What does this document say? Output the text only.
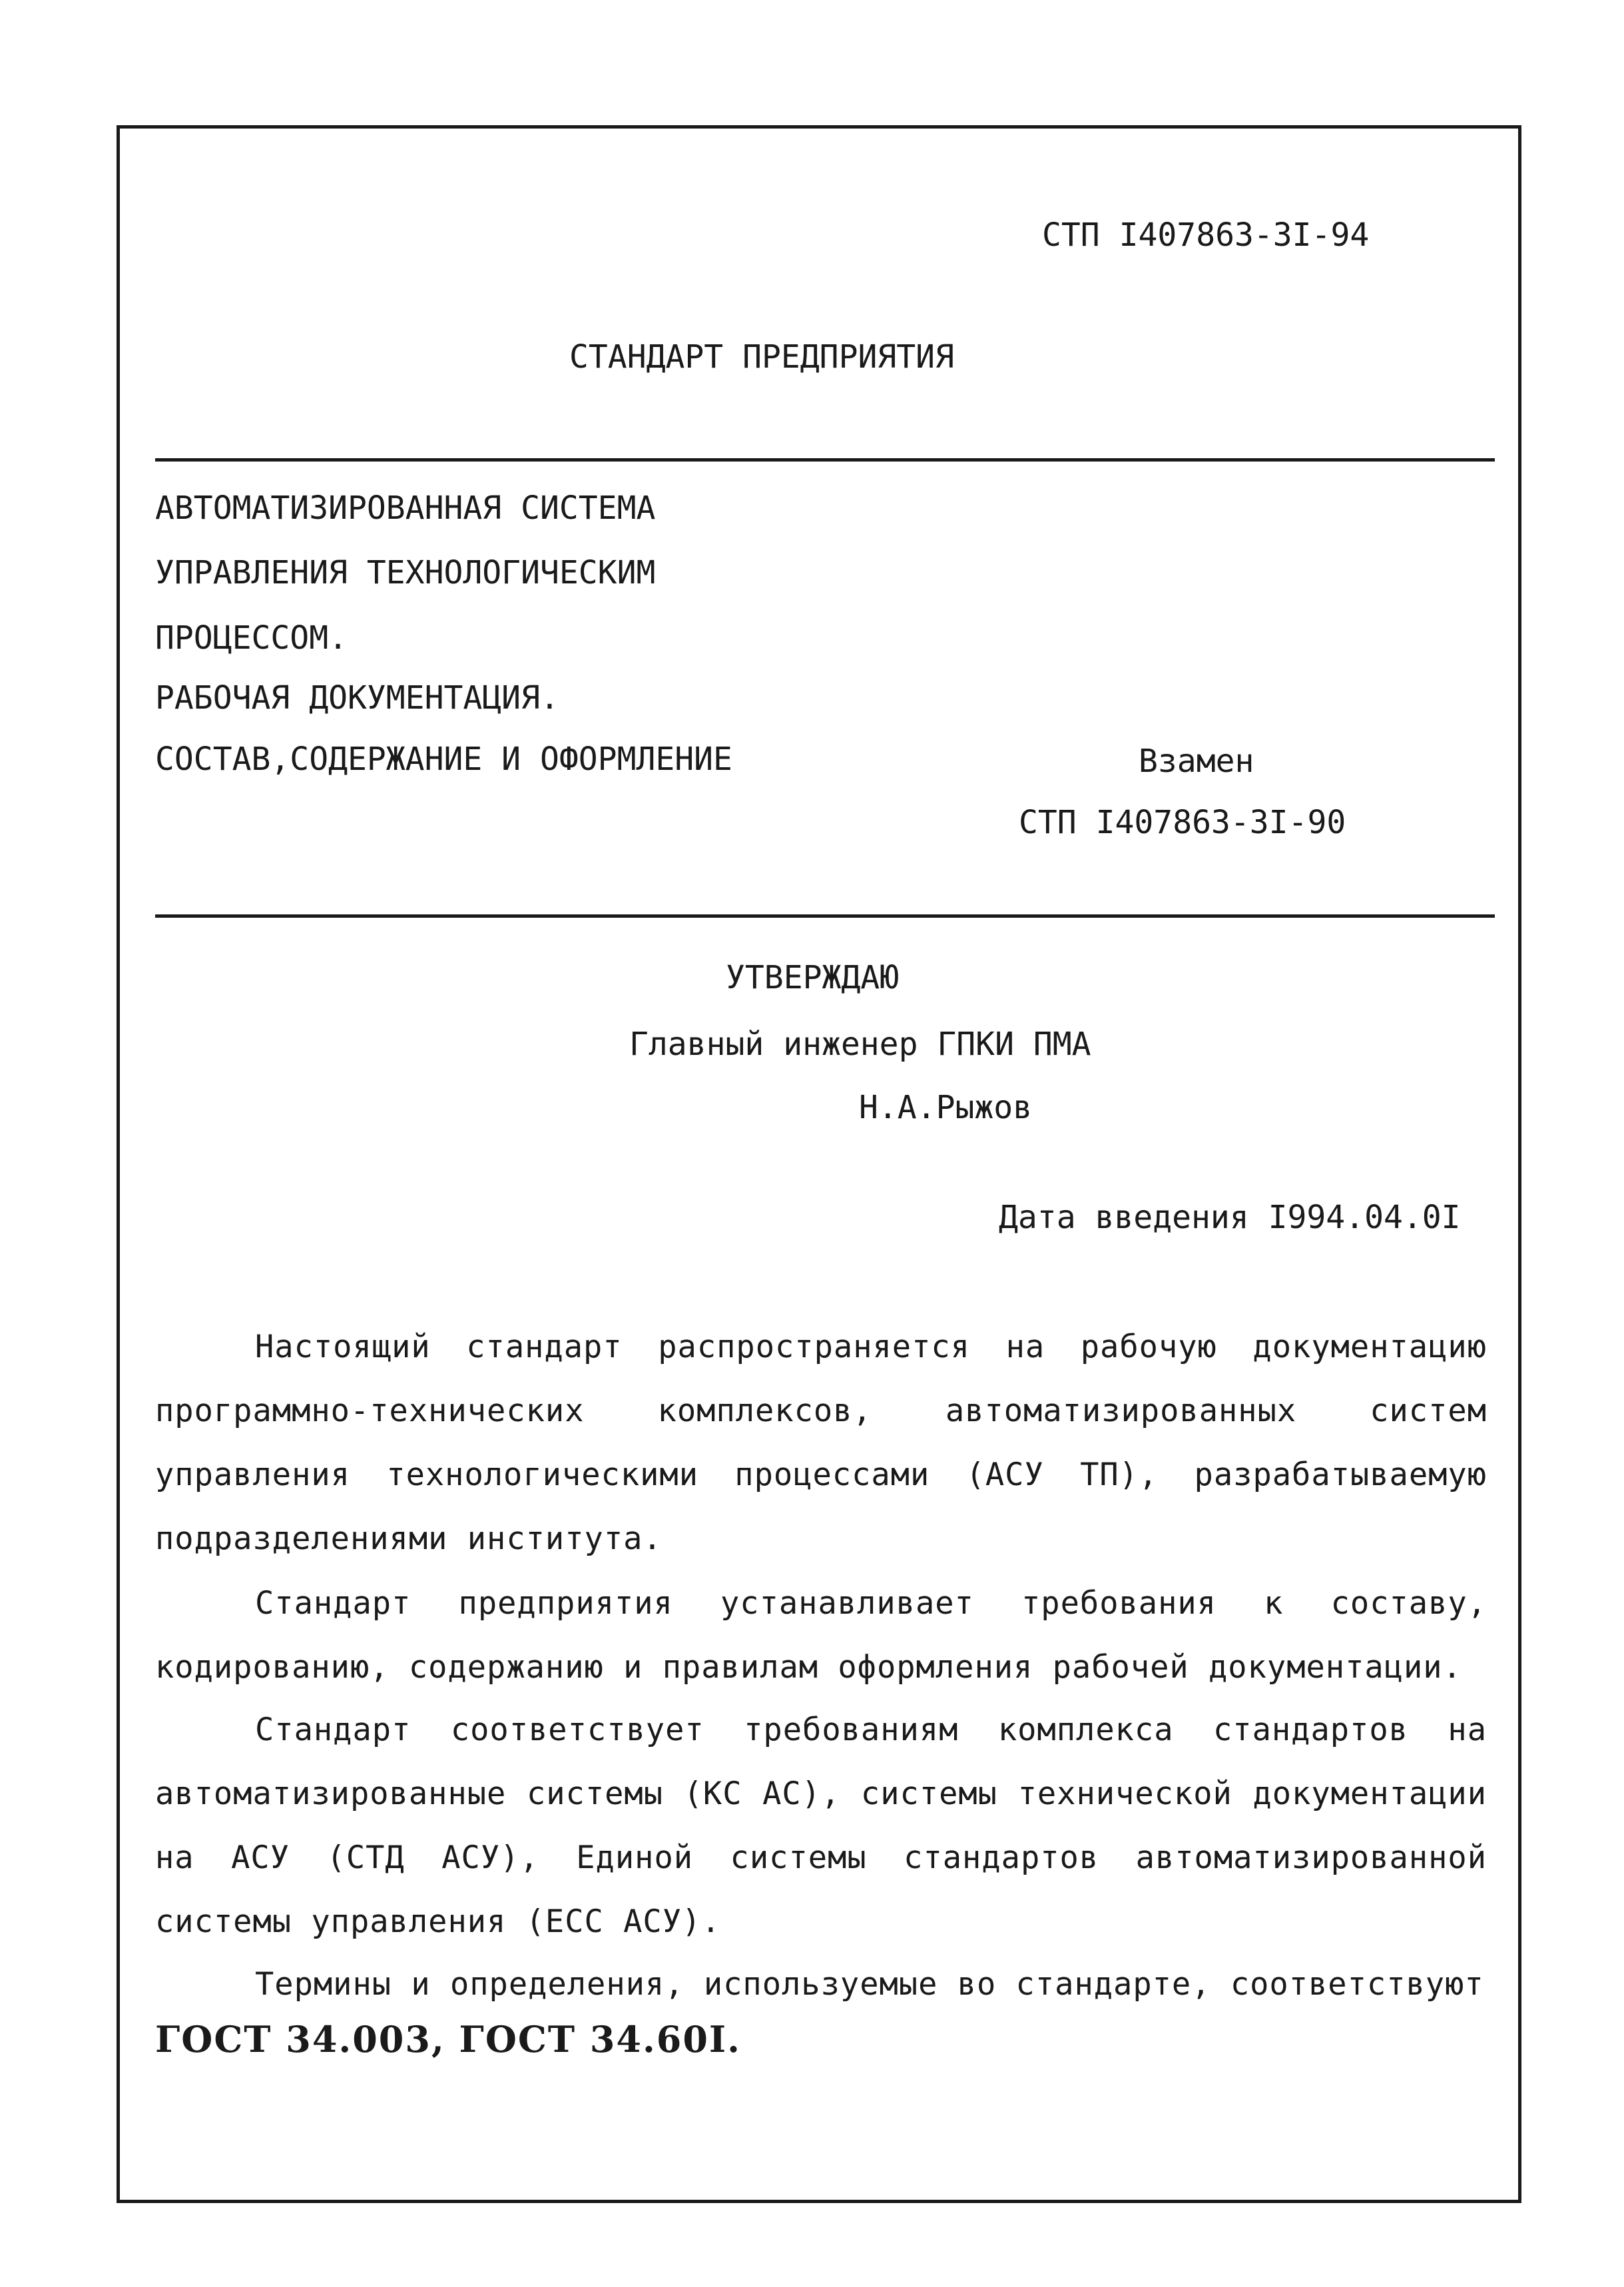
СТП I407863-3I-94
СТАНДАРТ ПРЕДПРИЯТИЯ
АВТОМАТИЗИРОВАННАЯ СИСТЕМА
УПРАВЛЕНИЯ ТЕХНОЛОГИЧЕСКИМ
ПРОЦЕССОМ.
РАБОЧАЯ ДОКУМЕНТАЦИЯ.
СОСТАВ,СОДЕРЖАНИЕ И ОФОРМЛЕНИЕ	Взамен
СТП I407863-3I-90
УТВЕРЖДАЮ
Главный инженер ГПКИ ПМА
Н.А.Рыжов
Дата введения I994.04.0I
Настоящий стандарт распространяется на рабочую документацию программно-технических комплексов, автоматизированных систем управления технологическими процессами (АСУ ТП), разрабатываемую подразделениями института.
Стандарт предприятия устанавливает требования к составу, кодированию, содержанию и правилам оформления рабочей документации.
Стандарт соответствует требованиям комплекса стандартов на автоматизированные системы (КС АС), системы технической документации на АСУ (СТД АСУ), Единой системы стандартов автоматизированной системы управления (ЕСС АСУ).
Термины и определения, используемые во стандарте, соответствуют
ГОСТ 34.003, ГОСТ 34.60I.
